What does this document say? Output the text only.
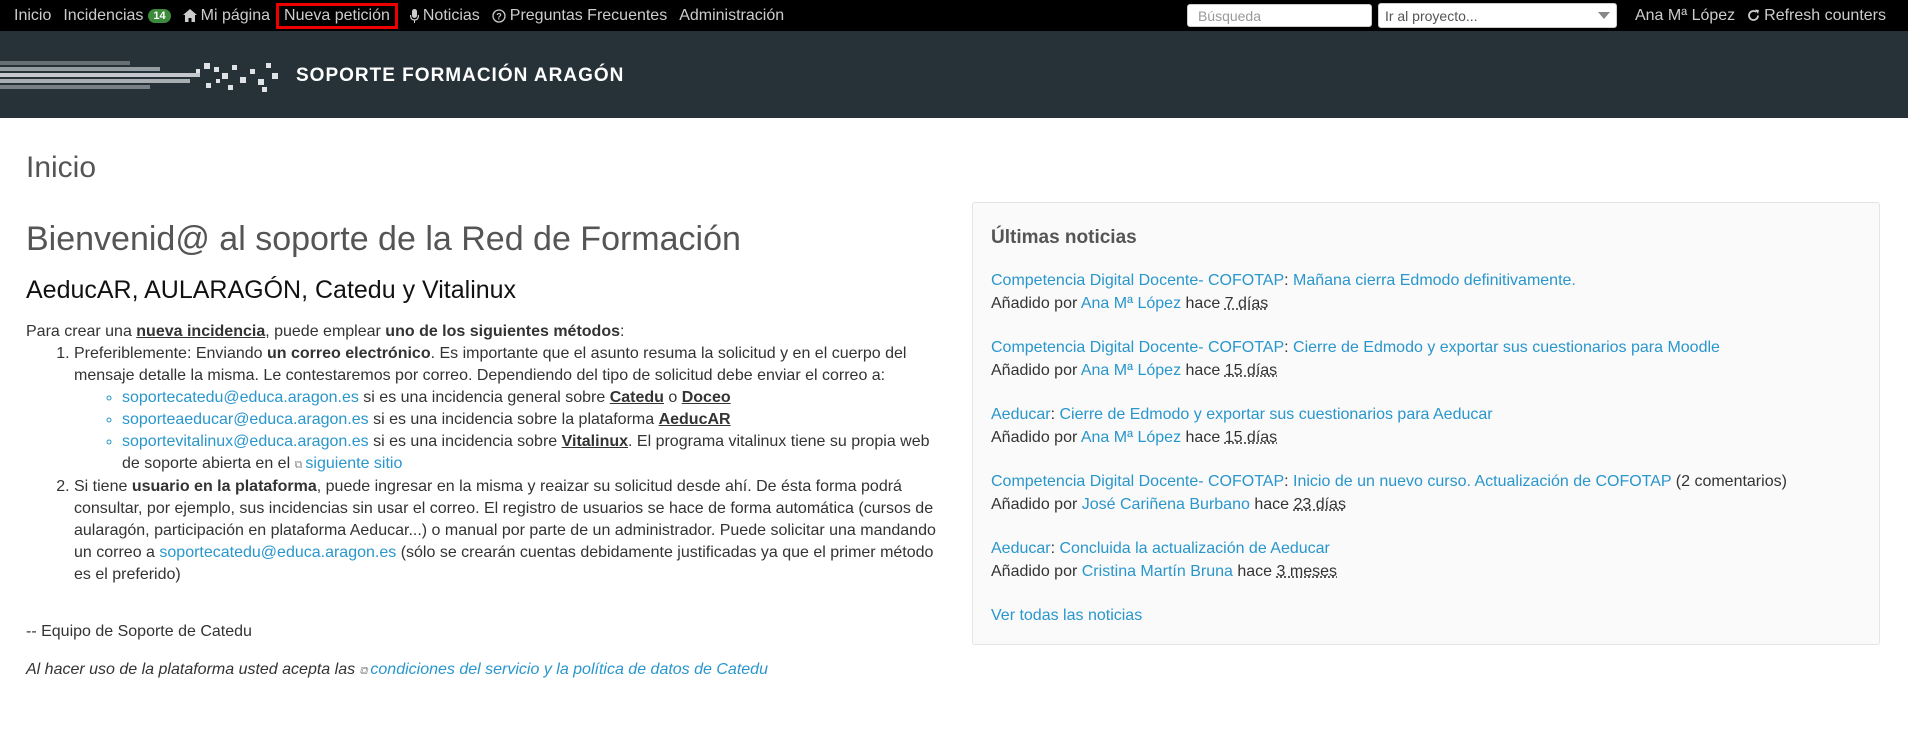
Inicio Incidencias 14	Mi página Nueva petición	Noticias ? Preguntas Frecuentes Administración	Búsqueda	Ir al proyecto...	Ana Mª López Refresh counters
SOPORTE FORMACIÓN ARAGÓN
Inicio
Bienvenid@ al soporte de la Red de Formación
AeducAR, AULARAGÓN, Catedu y Vitalinux

Para crear una nueva incidencia, puede emplear uno de los siguientes métodos:

1. Preferiblemente: Enviando un correo electrónico. Es importante que el asunto resuma la solicitud y en el cuerpo del mensaje detalle la misma. Le contestaremos por correo. Dependiendo del tipo de solicitud debe enviar el correo a:
◦ soportecatedu@educa.aragon.es si es una incidencia general sobre Catedu o Doceo
◦ soporteaeducar@educa.aragon.es si es una incidencia sobre la plataforma AeducAR
◦ soportevitalinux@educa.aragon.es si es una incidencia sobre Vitalinux. El programa vitalinux tiene su propia web de soporte abierta en el ⧉ siguiente sitio
2. Si tiene usuario en la plataforma, puede ingresar en la misma y reaizar su solicitud desde ahí. De ésta forma podrá consultar, por ejemplo, sus incidencias sin usar el correo. El registro de usuarios se hace de forma automática (cursos de aularagón, participación en plataforma Aeducar...) o manual por parte de un administrador. Puede solicitar una mandando un correo a soportecatedu@educa.aragon.es (sólo se crearán cuentas debidamente justificadas ya que el primer método es el preferido)
-- Equipo de Soporte de Catedu
Al hacer uso de la plataforma usted acepta las ⧉ condiciones del servicio y la política de datos de Catedu
Últimas noticias
Competencia Digital Docente- COFOTAP: Mañana cierra Edmodo definitivamente.
Añadido por Ana Mª López hace 7 días
Competencia Digital Docente- COFOTAP: Cierre de Edmodo y exportar sus cuestionarios para Moodle
Añadido por Ana Mª López hace 15 días
Aeducar: Cierre de Edmodo y exportar sus cuestionarios para Aeducar
Añadido por Ana Mª López hace 15 días
Competencia Digital Docente- COFOTAP: Inicio de un nuevo curso. Actualización de COFOTAP (2 comentarios)
Añadido por José Cariñena Burbano hace 23 días
Aeducar: Concluida la actualización de Aeducar
Añadido por Cristina Martín Bruna hace 3 meses
Ver todas las noticias
